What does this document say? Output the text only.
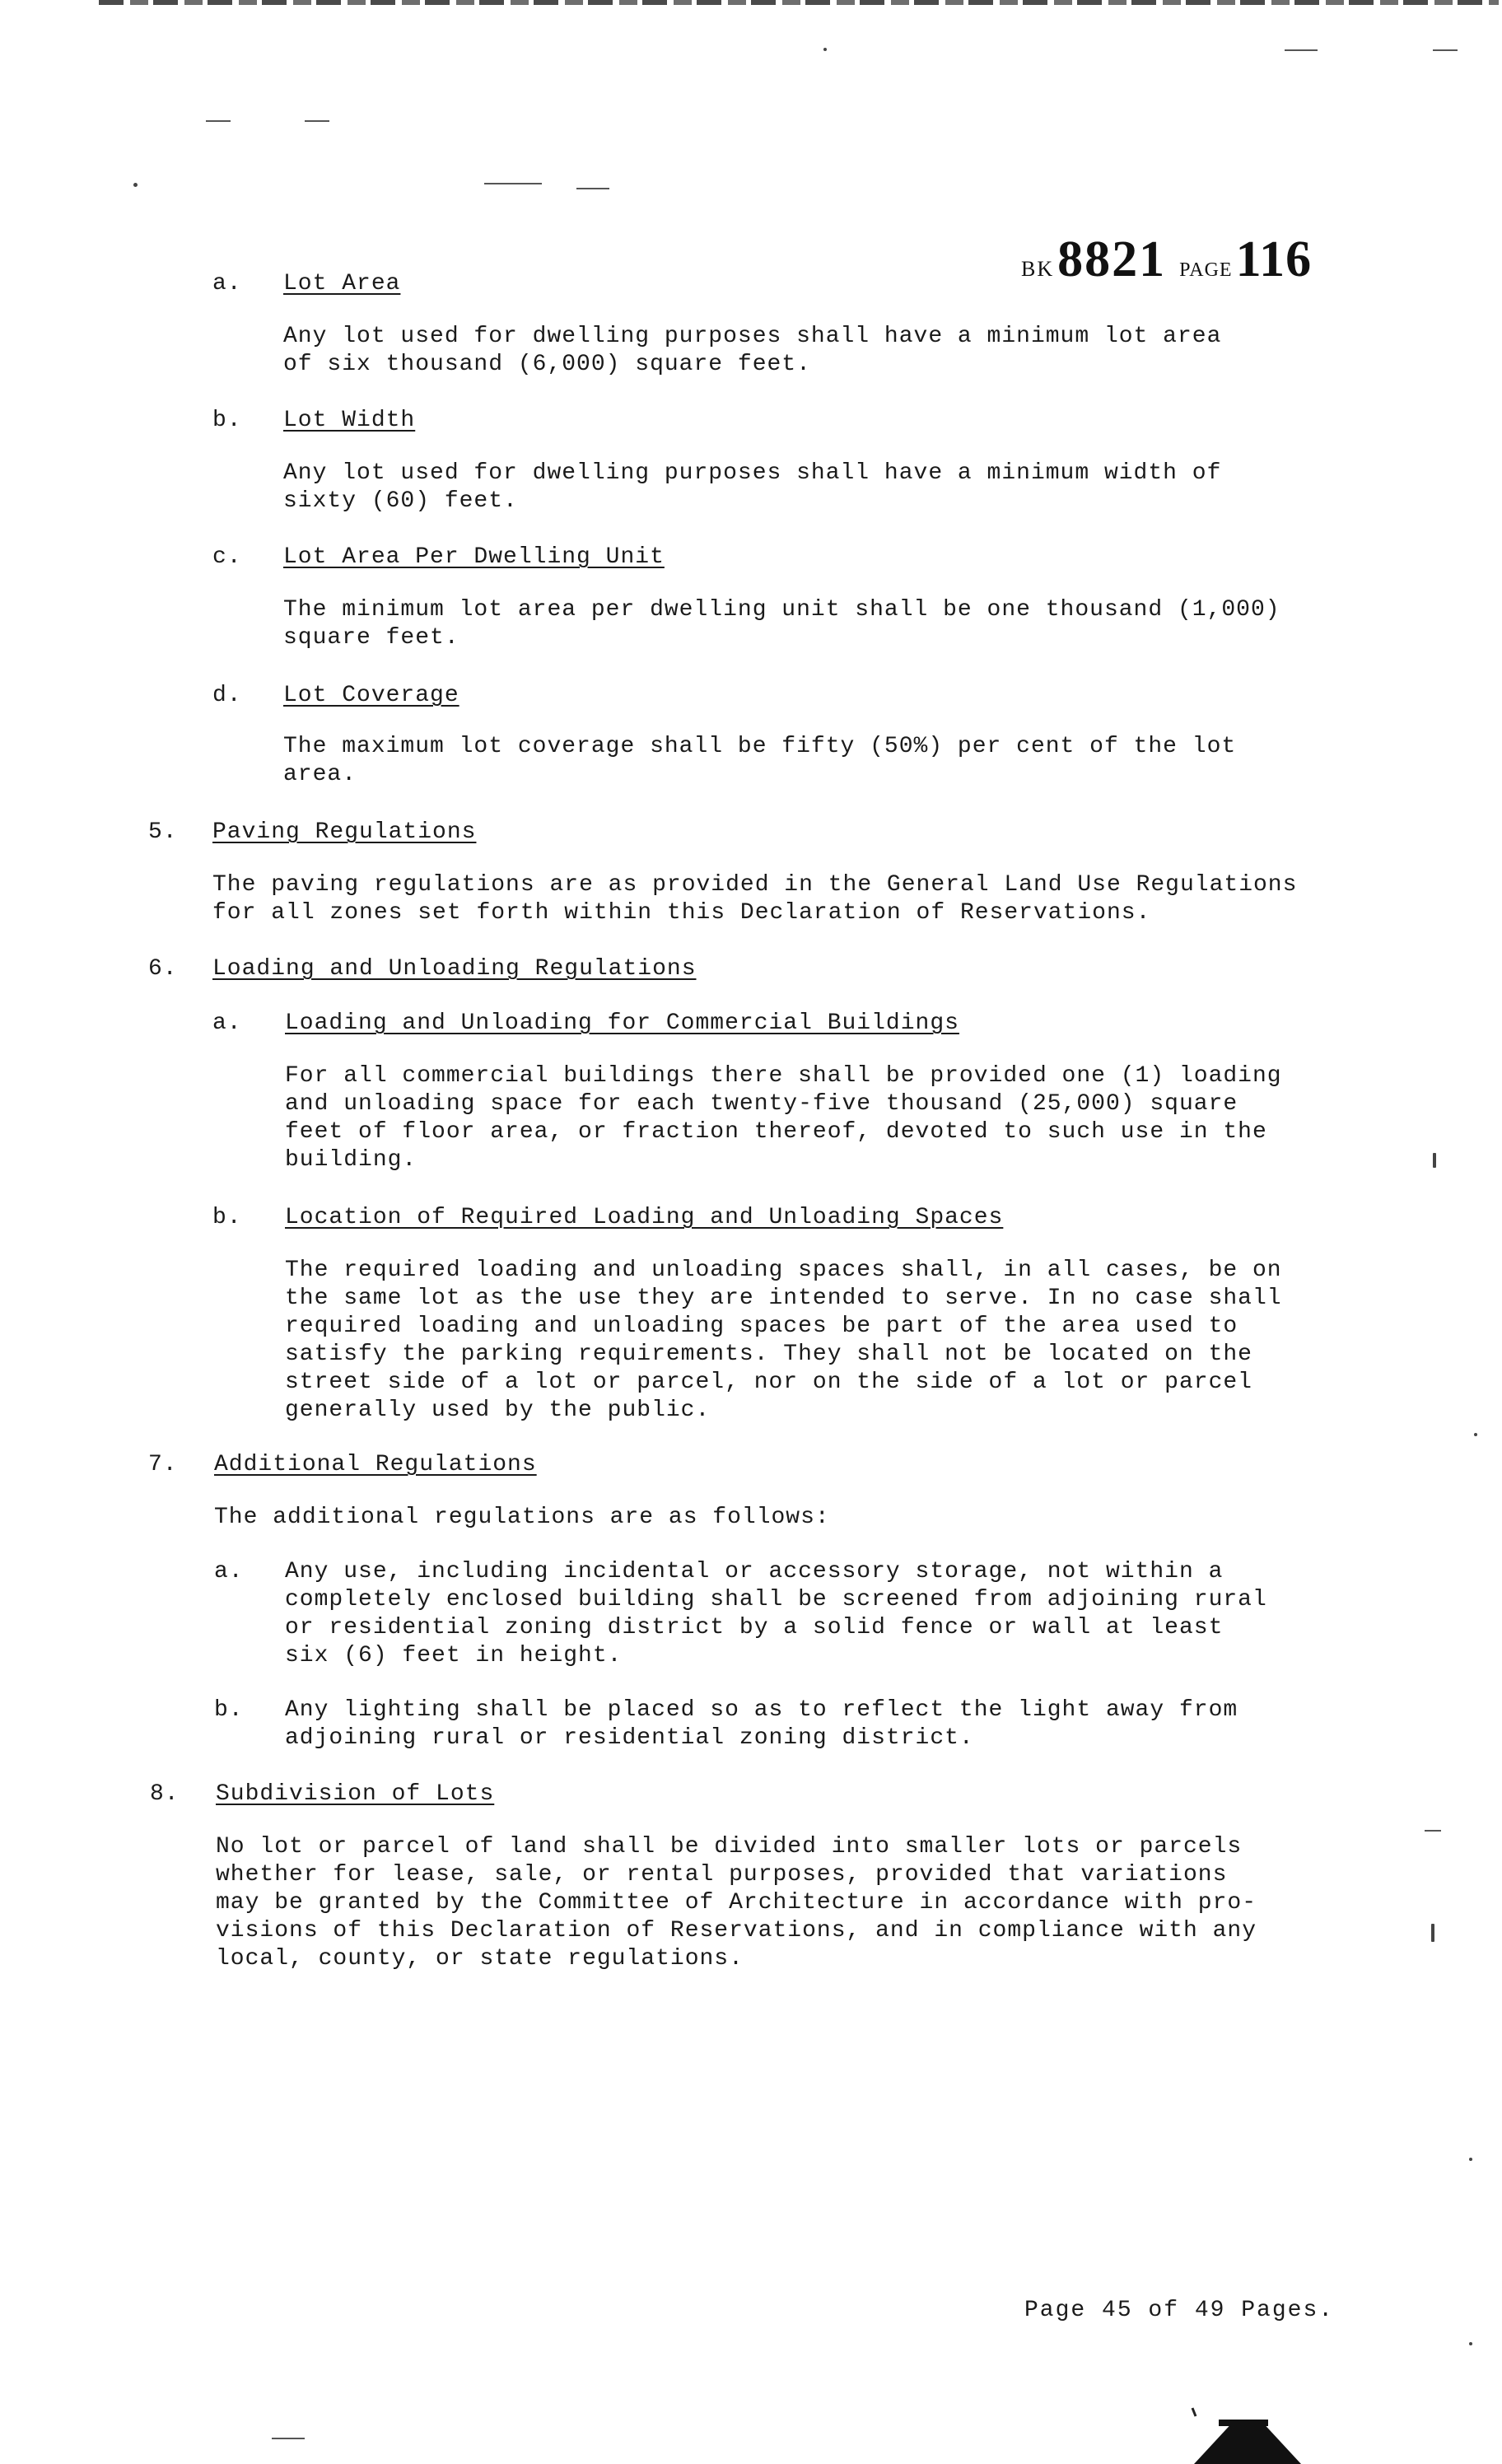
BK 8821 PAGE 116
a. Lot Area
Any lot used for dwelling purposes shall have a minimum lot area
of six thousand (6,000) square feet.
b. Lot Width
Any lot used for dwelling purposes shall have a minimum width of
sixty (60) feet.
c. Lot Area Per Dwelling Unit
The minimum lot area per dwelling unit shall be one thousand (1,000)
square feet.
d. Lot Coverage
The maximum lot coverage shall be fifty (50%) per cent of the lot
area.
5. Paving Regulations
The paving regulations are as provided in the General Land Use Regulations
for all zones set forth within this Declaration of Reservations.
6. Loading and Unloading Regulations
a. Loading and Unloading for Commercial Buildings
For all commercial buildings there shall be provided one (1) loading
and unloading space for each twenty-five thousand (25,000) square
feet of floor area, or fraction thereof, devoted to such use in the
building.
b. Location of Required Loading and Unloading Spaces
The required loading and unloading spaces shall, in all cases, be on
the same lot as the use they are intended to serve. In no case shall
required loading and unloading spaces be part of the area used to
satisfy the parking requirements. They shall not be located on the
street side of a lot or parcel, nor on the side of a lot or parcel
generally used by the public.
7. Additional Regulations
The additional regulations are as follows:
a. Any use, including incidental or accessory storage, not within a
completely enclosed building shall be screened from adjoining rural
or residential zoning district by a solid fence or wall at least
six (6) feet in height.
b. Any lighting shall be placed so as to reflect the light away from
adjoining rural or residential zoning district.
8. Subdivision of Lots
No lot or parcel of land shall be divided into smaller lots or parcels
whether for lease, sale, or rental purposes, provided that variations
may be granted by the Committee of Architecture in accordance with pro-
visions of this Declaration of Reservations, and in compliance with any
local, county, or state regulations.
Page 45 of 49 Pages.
